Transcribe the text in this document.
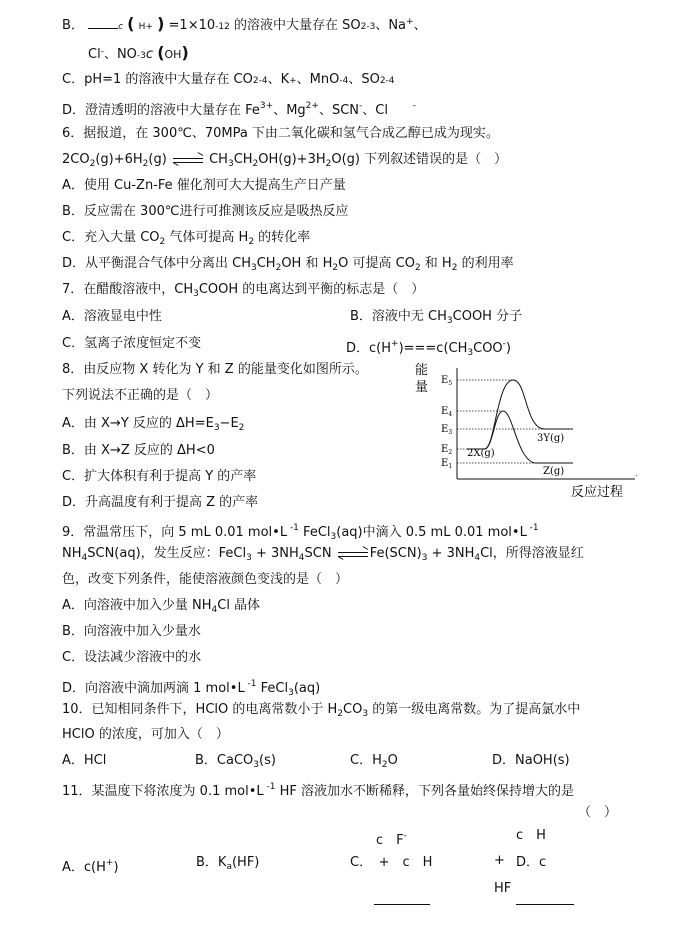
B．	c ( H+ ) =1×10-12 的溶液中大量存在 SO2-3、Na+、
Cl-、NO-3c (OH)
C．pH=1 的溶液中大量存在 CO2-4、K+、MnO-4、SO2-4
D．澄清透明的溶液中大量存在 $Fe^{3+}$、$Mg^{2+}$、SCN-、Cl	-
6．据报道，在 300℃、70MPa 下由二氧化碳和氢气合成乙醇已成为现实。
$2CO_2(g)+6H_2(g)$	$CH_3CH_2OH(g)+3H_2O(g)$ 下列叙述错误的是（　）
A．使用 Cu-Zn-Fe 催化剂可大大提高生产日产量
B．反应需在 300℃进行可推测该反应是吸热反应
C．充入大量 $CO_2$ 气体可提高 $H_2$ 的转化率
D．从平衡混合气体中分离出 $CH_3CH_2OH$ 和 $H_2O$ 可提高 $CO_2$ 和 $H_2$ 的利用率
7．在醋酸溶液中，$CH_3COOH$ 的电离达到平衡的标志是（　）
A．溶液显电中性	B．溶液中无 $CH_3COOH$ 分子
C．氢离子浓度恒定不变	D．$c(H^+)===c(CH_3COO^-)$
8．由反应物 X 转化为 Y 和 Z 的能量变化如图所示。
下列说法不正确的是（　）
A．由 X→Y 反应的 $\Delta H=E_3-E_2$
B．由 X→Z 反应的 ΔH<0
C．扩大体积有利于提高 Y 的产率
D．升高温度有利于提高 Z 的产率
能
量 $E_5$
$E_4$
$E_3$
$E_2$
$E_1$
3Y(g)
2X(g)
Z(g)	.
反应过程
9．常温常压下，向 5 mL 0.01 mol•L $^{-1}$ FeCl$_3$(aq)中滴入 0.5 mL 0.01 mol•L $^{-1}$
$NH_4SCN(aq)$，发生反应：FeCl$_3$ + $3NH_4SCN$	$Fe(SCN)_3 + 3NH_4Cl$，所得溶液显红
色，改变下列条件，能使溶液颜色变浅的是（　）
A．向溶液中加入少量 $NH_4Cl$ 晶体
B．向溶液中加入少量水
C．设法减少溶液中的水
D．向溶液中滴加两滴 1 mol•L $^{-1}$ FeCl$_3$(aq)
10．已知相同条件下，HClO 的电离常数小于 $H_2CO_3$ 的第一级电离常数。为了提高氯水中
HClO 的浓度，可加入（　）
A．HCl	B．CaCO$_3$(s)	C．$H_2O$	D．NaOH(s)
11．某温度下将浓度为 0.1 mol•L $^{-1}$ HF 溶液加水不断稀释，下列各量始终保持增大的是
（　）
c　F-	c　H
A．c(H+)	B．$K_a(HF)$	C．　+　c　H	+ D．c
HF
